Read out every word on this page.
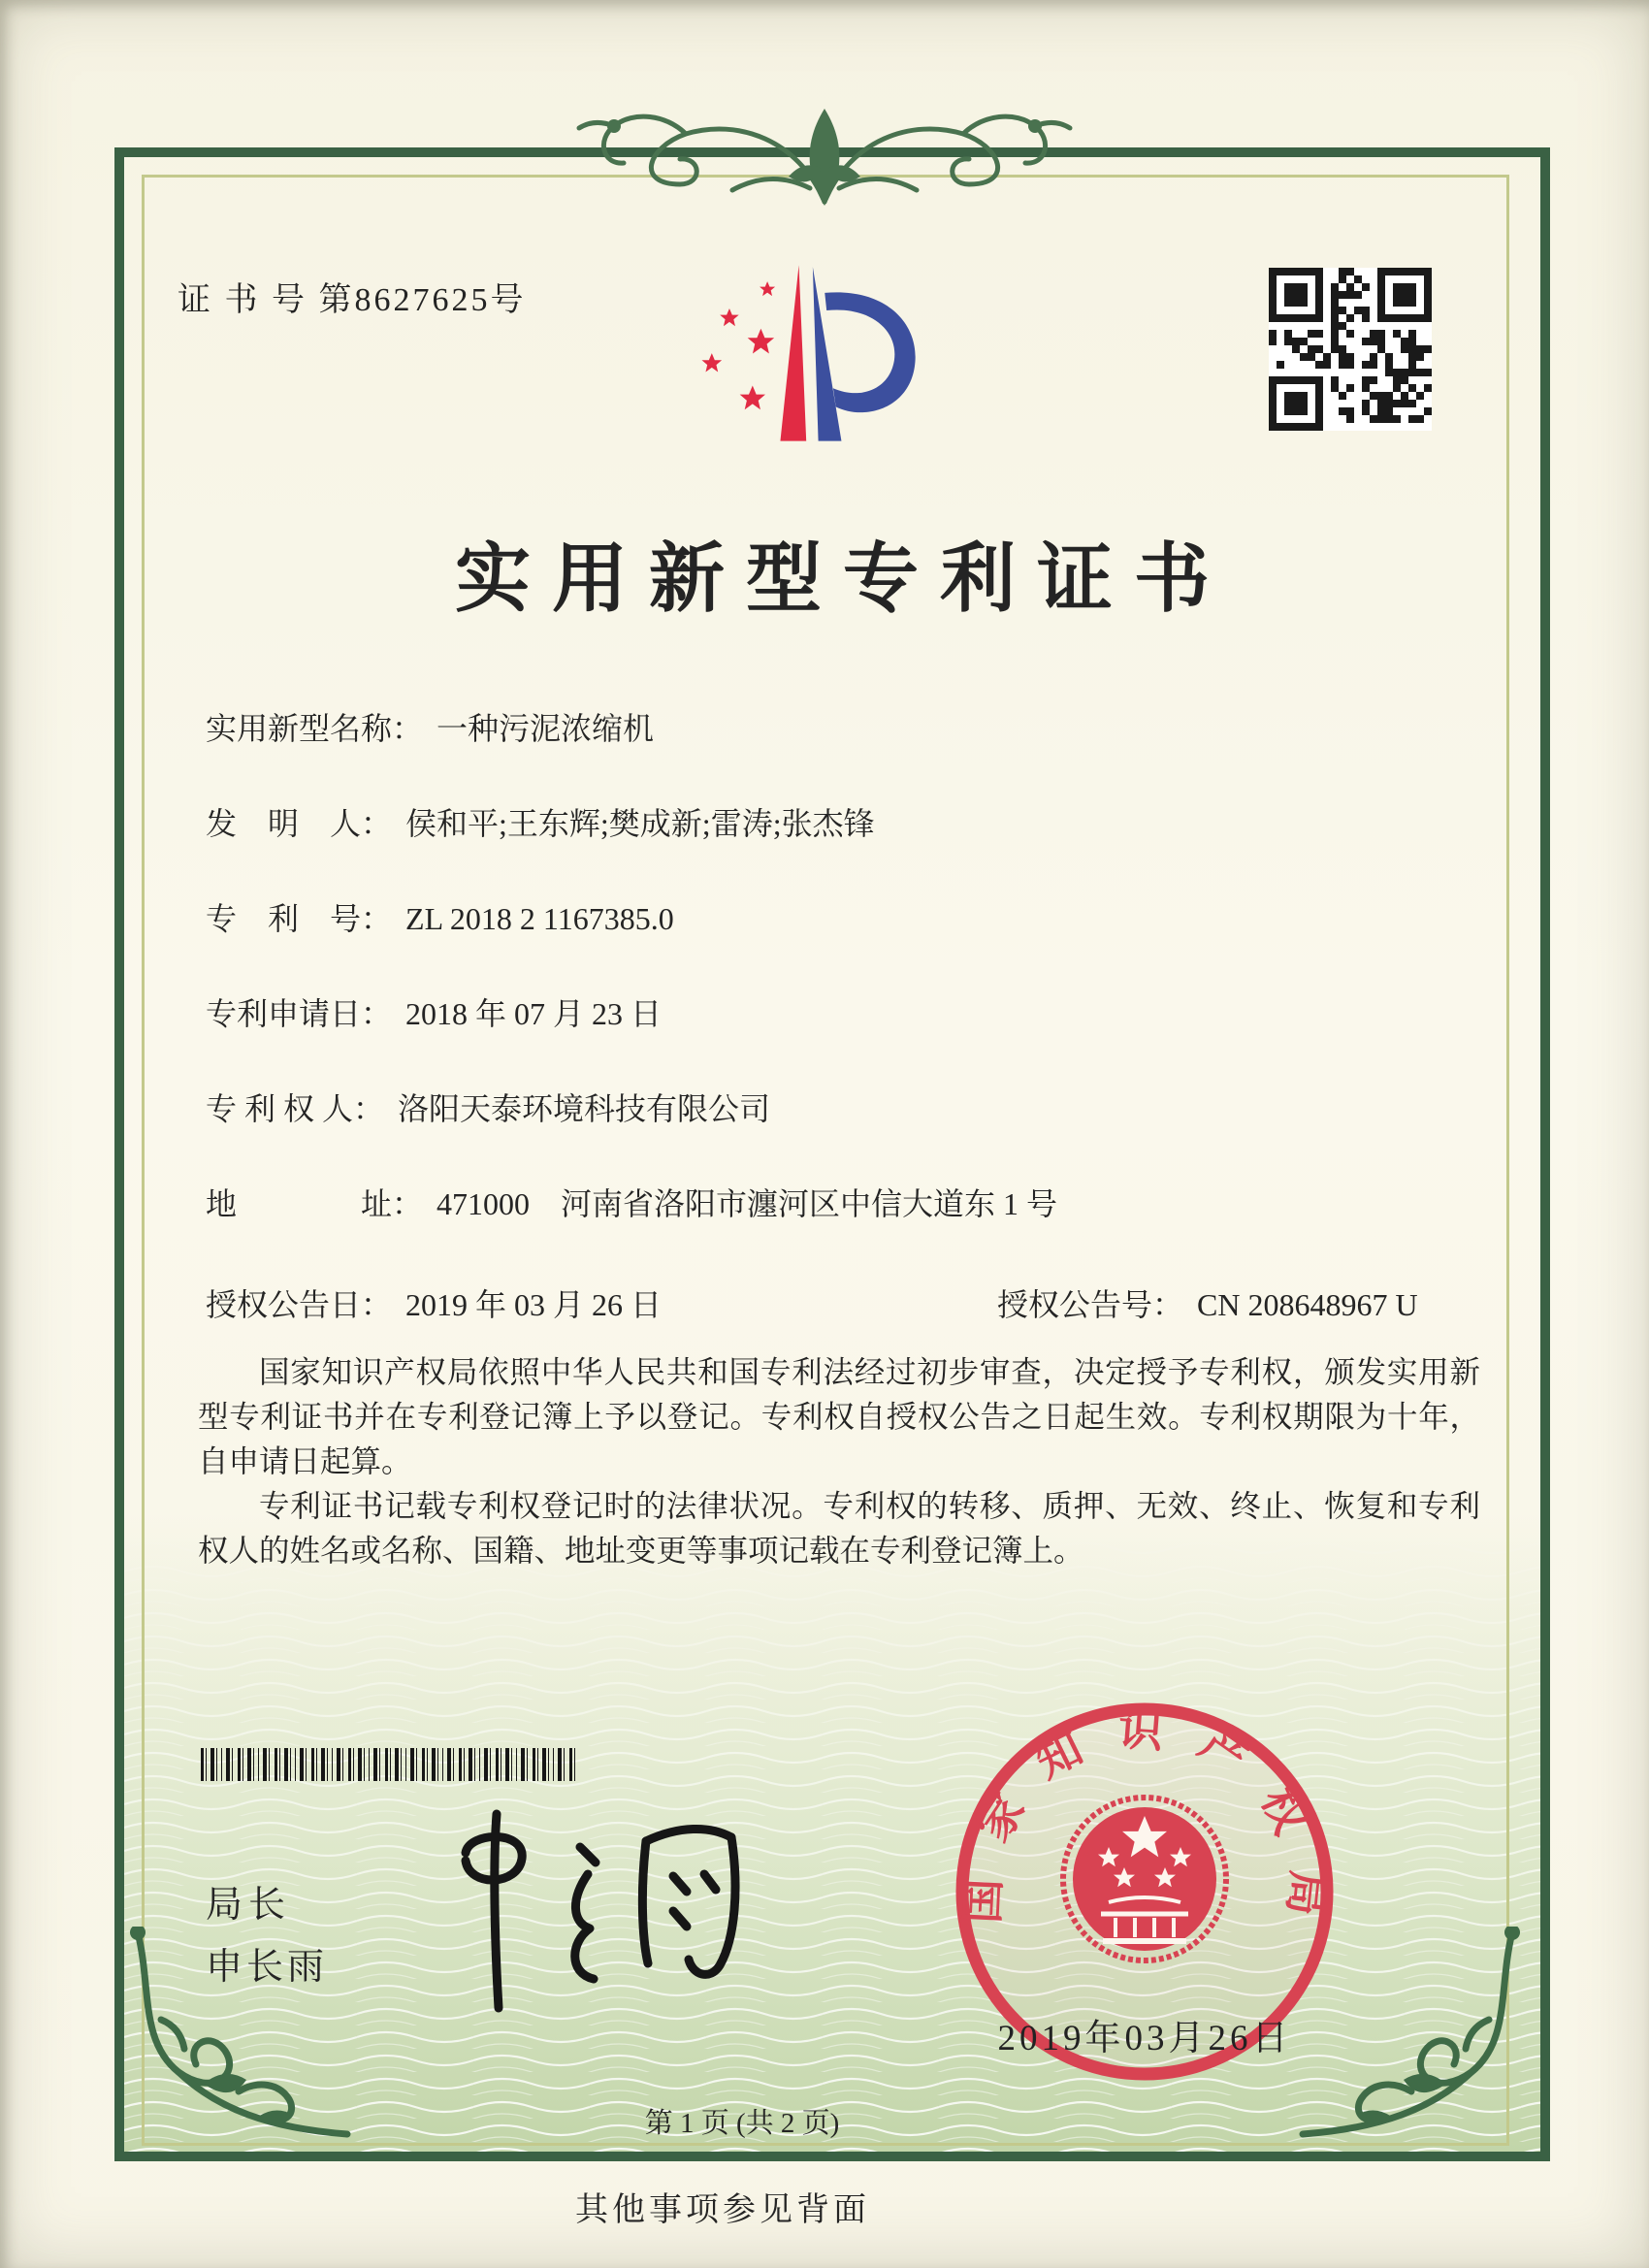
证 书 号 第8627625号
实用新型专利证书
实用新型名称： 一种污泥浓缩机
发　明　人： 侯和平;王东辉;樊成新;雷涛;张杰锋
专　利　号： ZL 2018 2 1167385.0
专利申请日： 2018 年 07 月 23 日
专 利 权 人： 洛阳天泰环境科技有限公司
地　　　　址： 471000　河南省洛阳市瀍河区中信大道东 1 号
授权公告日： 2019 年 03 月 26 日	授权公告号： CN 208648967 U

国家知识产权局依照中华人民共和国专利法经过初步审查，决定授予专利权，颁发实用新型专利证书并在专利登记簿上予以登记。专利权自授权公告之日起生效。专利权期限为十年，自申请日起算。

专利证书记载专利权登记时的法律状况。专利权的转移、质押、无效、终止、恢复和专利权人的姓名或名称、国籍、地址变更等事项记载在专利登记簿上。

局长
申长雨
国家知识产权局
2019年03月26日
第 1 页 (共 2 页)
其他事项参见背面
